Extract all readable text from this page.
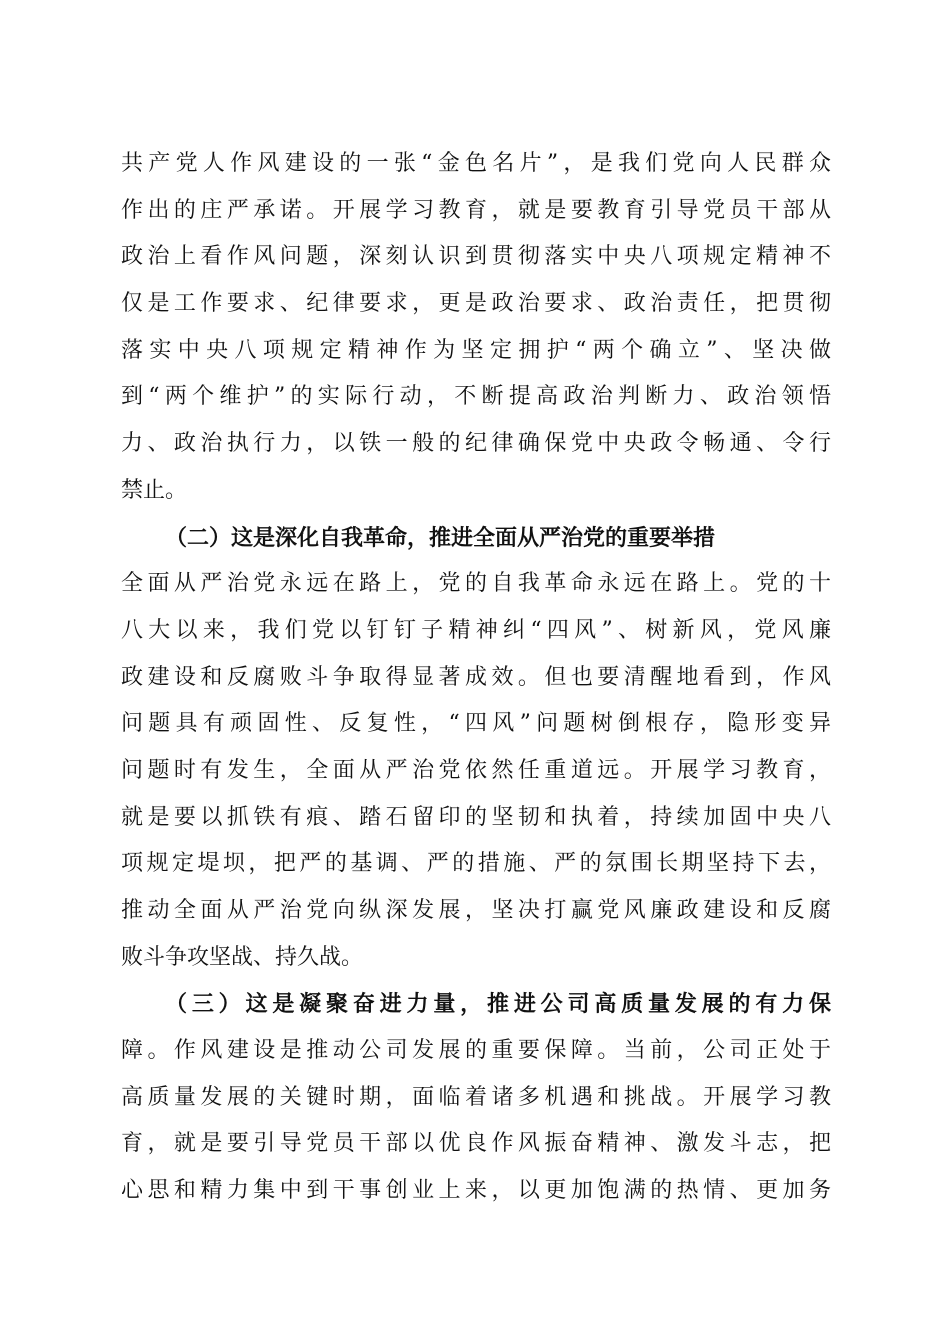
共产党人作风建设的一张“金色名片”，是我们党向人民群众
作出的庄严承诺。开展学习教育，就是要教育引导党员干部从
政治上看作风问题，深刻认识到贯彻落实中央八项规定精神不
仅是工作要求、纪律要求，更是政治要求、政治责任，把贯彻
落实中央八项规定精神作为坚定拥护“两个确立”、坚决做
到“两个维护”的实际行动，不断提高政治判断力、政治领悟
力、政治执行力，以铁一般的纪律确保党中央政令畅通、令行
禁止。
（二）这是深化自我革命，推进全面从严治党的重要举措
全面从严治党永远在路上，党的自我革命永远在路上。党的十
八大以来，我们党以钉钉子精神纠“四风”、树新风，党风廉
政建设和反腐败斗争取得显著成效。但也要清醒地看到，作风
问题具有顽固性、反复性，“四风”问题树倒根存，隐形变异
问题时有发生，全面从严治党依然任重道远。开展学习教育，
就是要以抓铁有痕、踏石留印的坚韧和执着，持续加固中央八
项规定堤坝，把严的基调、严的措施、严的氛围长期坚持下去，
推动全面从严治党向纵深发展，坚决打赢党风廉政建设和反腐
败斗争攻坚战、持久战。
（三）这是凝聚奋进力量，推进公司高质量发展的有力保
障。作风建设是推动公司发展的重要保障。当前，公司正处于
高质量发展的关键时期，面临着诸多机遇和挑战。开展学习教
育，就是要引导党员干部以优良作风振奋精神、激发斗志，把
心思和精力集中到干事创业上来，以更加饱满的热情、更加务
